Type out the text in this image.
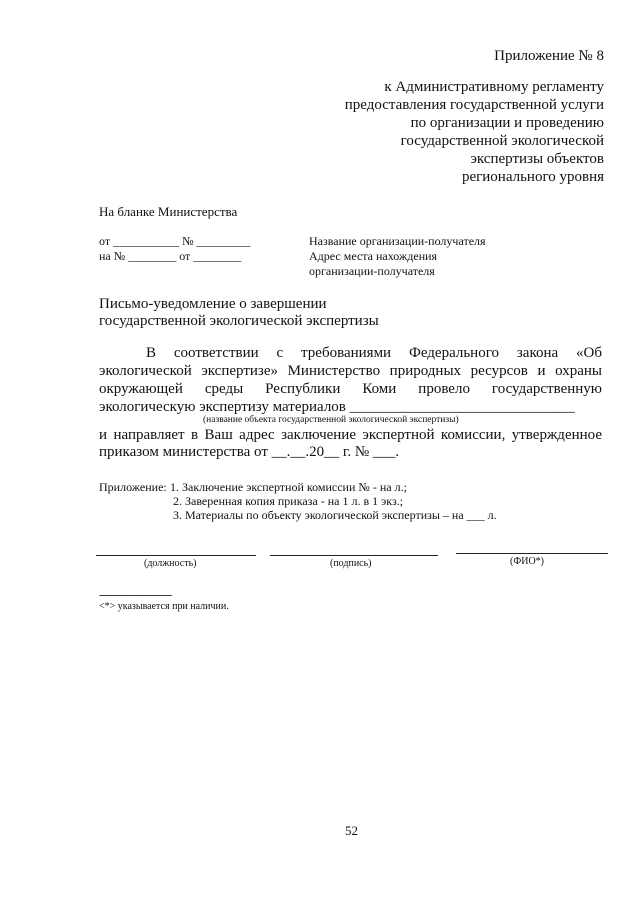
Приложение № 8
к Административному регламенту
предоставления государственной услуги
по организации и проведению
государственной экологической
экспертизы объектов
регионального уровня
На бланке Министерства
от ___________ № _________
на № ________ от ________
Название организации-получателя
Адрес места нахождения
организации-получателя
Письмо-уведомление о завершении
государственной экологической экспертизы
В соответствии с требованиями Федерального закона «Об
экологической экспертизе» Министерство природных ресурсов и охраны
окружающей среды Республики Коми провело государственную
экологическую экспертизу материалов ______________________________
(название объекта государственной экологической экспертизы)
и направляет в Ваш адрес заключение экспертной комиссии, утвержденное
приказом министерства от __.__.20__ г. № ___.
Приложение: 1. Заключение экспертной комиссии № - на л.;
2. Заверенная копия приказа - на 1 л. в 1 экз.;
3. Материалы по объекту экологической экспертизы – на ___ л.
(должность)	(подпись)	(ФИО*)
-------------------------------
<*> указывается при наличии.
52
